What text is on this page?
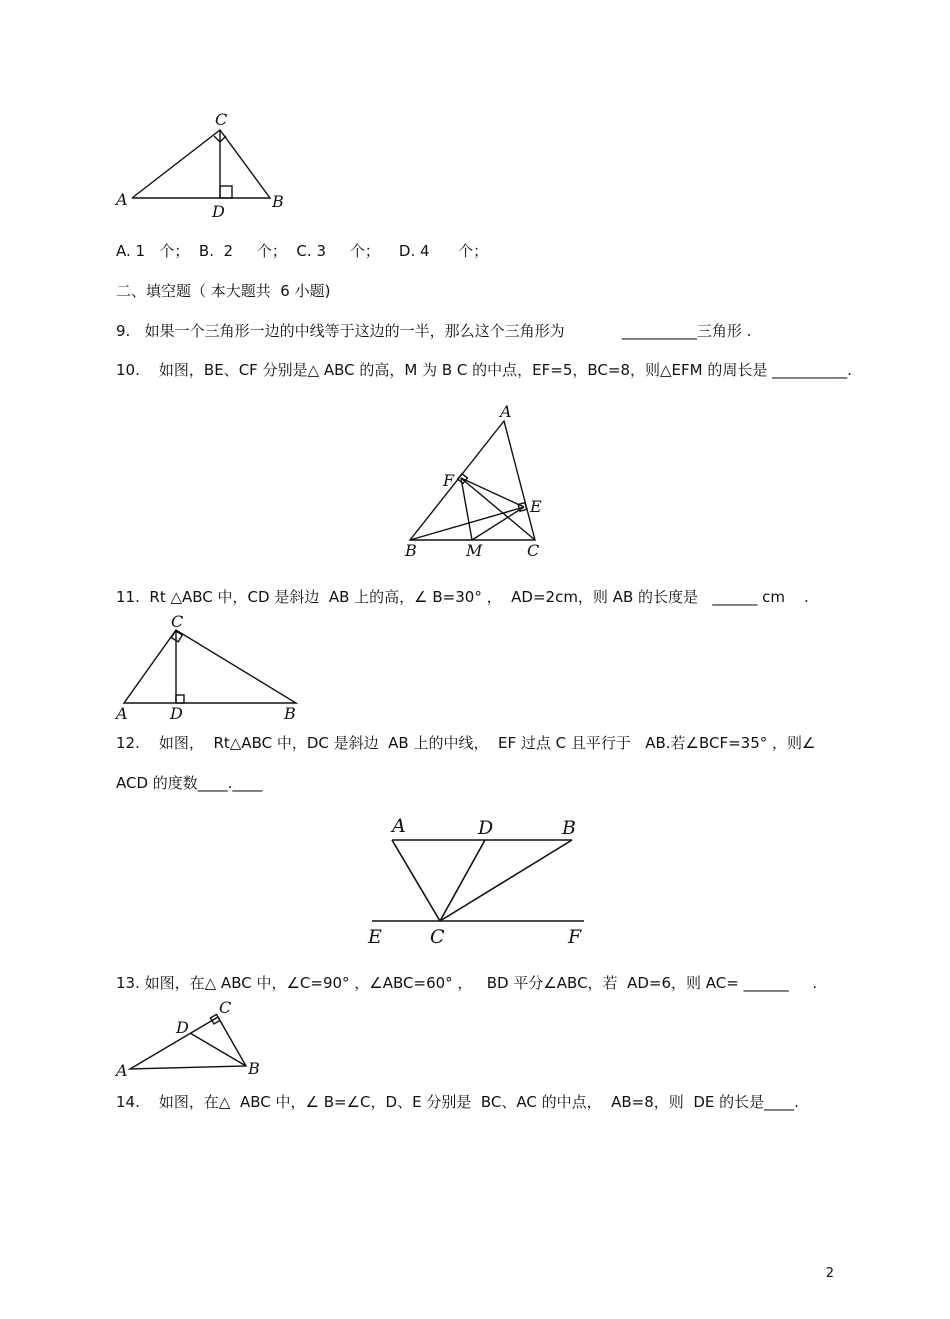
A	B
C
D
A. 1   个；  B.  2     个；  C. 3     个；    D. 4      个；
二、填空题（ 本大题共  6 小题)
9.   如果一个三角形一边的中线等于这边的一半，那么这个三角形为            __________三角形 .
10.    如图，BE、CF 分别是△ ABC 的高，M 为 B C 的中点，EF=5，BC=8，则△EFM 的周长是 __________.
A
F
E
B	M	C
11.  Rt △ABC 中，CD 是斜边  AB 上的高，∠ B=30° ，  AD=2cm，则 AB 的长度是   ______ cm    .
A
C
D	B
12.    如图，  Rt△ABC 中，DC 是斜边  AB 上的中线，  EF 过点 C 且平行于   AB.若∠BCF=35° ，则∠
ACD 的度数____.____
A	D	B
E	C	F
13. 如图，在△ ABC 中，∠C=90° ，∠ABC=60° ，   BD 平分∠ABC，若  AD=6，则 AC= ______     .
C
D
A	B
14.    如图，在△  ABC 中，∠ B=∠C，D、E 分别是  BC、AC 的中点，  AB=8，则  DE 的长是____.
2
